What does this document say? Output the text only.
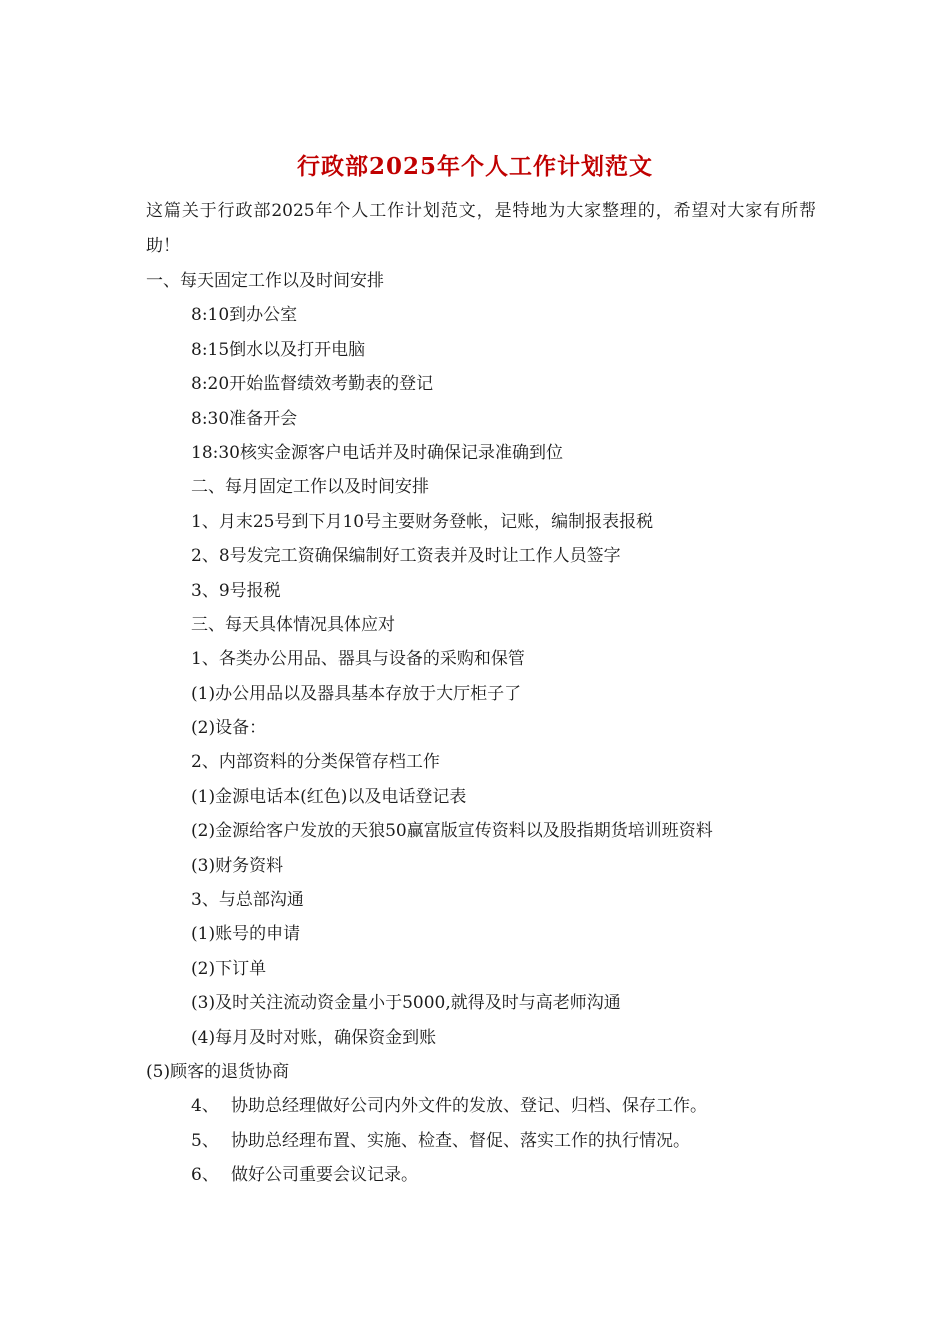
行政部2025年个人工作计划范文
这篇关于行政部2025年个人工作计划范文，是特地为大家整理的，希望对大家有所帮助！
一、每天固定工作以及时间安排
8:10到办公室
8:15倒水以及打开电脑
8:20开始监督绩效考勤表的登记
8:30准备开会
18:30核实金源客户电话并及时确保记录准确到位
二、每月固定工作以及时间安排
1、月末25号到下月10号主要财务登帐，记账，编制报表报税
2、8号发完工资确保编制好工资表并及时让工作人员签字
3、9号报税
三、每天具体情况具体应对
1、各类办公用品、器具与设备的采购和保管
(1)办公用品以及器具基本存放于大厅柜子了
(2)设备：
2、内部资料的分类保管存档工作
(1)金源电话本(红色)以及电话登记表
(2)金源给客户发放的天狼50赢富版宣传资料以及股指期货培训班资料
(3)财务资料
3、与总部沟通
(1)账号的申请
(2)下订单
(3)及时关注流动资金量小于5000,就得及时与高老师沟通
(4)每月及时对账，确保资金到账
(5)顾客的退货协商
4、 协助总经理做好公司内外文件的发放、登记、归档、保存工作。
5、 协助总经理布置、实施、检查、督促、落实工作的执行情况。
6、 做好公司重要会议记录。
